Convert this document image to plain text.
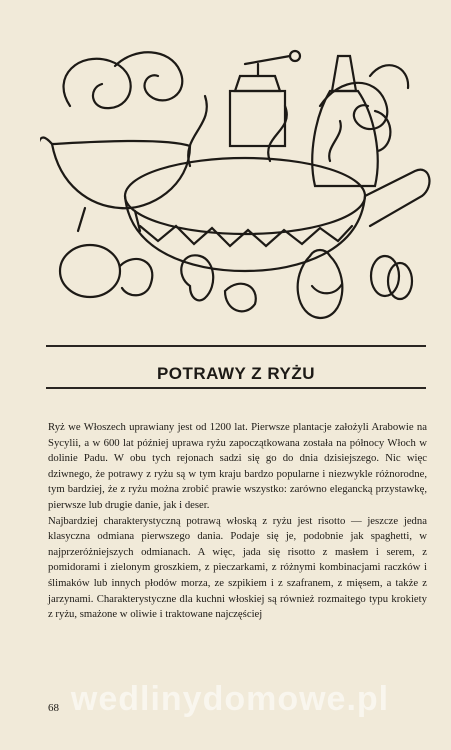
POTRAWY Z RYŻU

Ryż we Włoszech uprawiany jest od 1200 lat. Pierwsze plantacje założyli Arabowie na Sycylii, a w 600 lat później uprawa ryżu zapoczątkowana została na północy Włoch w dolinie Padu. W obu tych rejonach sadzi się go do dnia dzisiejszego. Nic więc dziwnego, że potrawy z ryżu są w tym kraju bardzo popularne i niezwykle różnorodne, tym bardziej, że z ryżu można zrobić prawie wszystko: zarówno elegancką przystawkę, pierwsze lub drugie danie, jak i deser.

Najbardziej charakterystyczną potrawą włoską z ryżu jest risotto — jeszcze jedna klasyczna odmiana pierwszego dania. Podaje się je, podobnie jak spaghetti, w najprzeróżniejszych odmianach. A więc, jada się risotto z masłem i serem, z pomidorami i zielonym groszkiem, z pieczarkami, z różnymi kombinacjami raczków i ślimaków lub innych płodów morza, ze szpikiem i z szafranem, z mięsem, a także z jarzynami. Charakterystyczne dla kuchni włoskiej są również rozmaitego typu krokiety z ryżu, smażone w oliwie i traktowane najczęściej

wedlinydomowe.pl
68
